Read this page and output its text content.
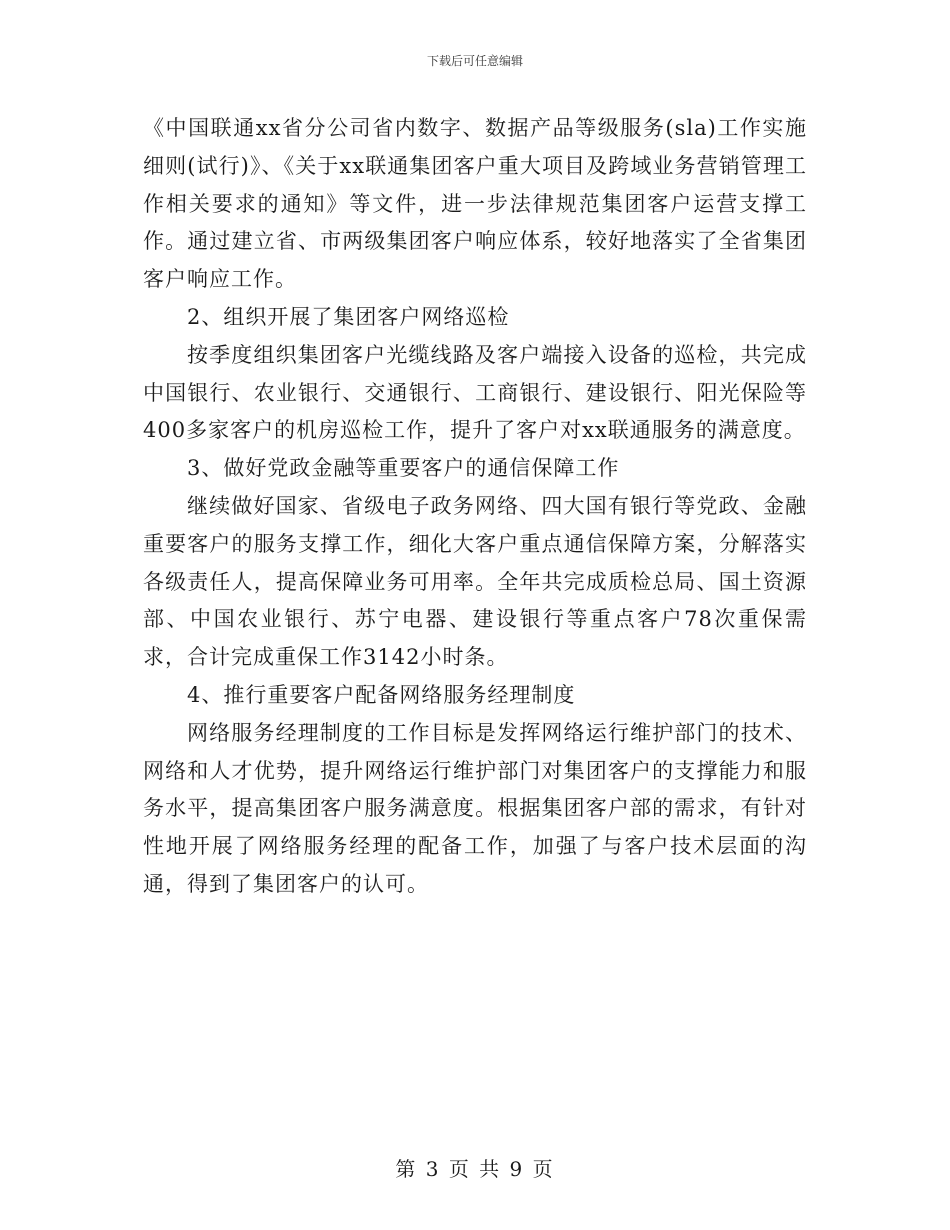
下载后可任意编辑

《中国联通xx省分公司省内数字、数据产品等级服务(sla)工作实施细则(试行)》、《关于xx联通集团客户重大项目及跨域业务营销管理工作相关要求的通知》等文件，进一步法律规范集团客户运营支撑工作。通过建立省、市两级集团客户响应体系，较好地落实了全省集团客户响应工作。

2、组织开展了集团客户网络巡检

按季度组织集团客户光缆线路及客户端接入设备的巡检，共完成中国银行、农业银行、交通银行、工商银行、建设银行、阳光保险等400多家客户的机房巡检工作，提升了客户对xx联通服务的满意度。

3、做好党政金融等重要客户的通信保障工作

继续做好国家、省级电子政务网络、四大国有银行等党政、金融重要客户的服务支撑工作，细化大客户重点通信保障方案，分解落实各级责任人，提高保障业务可用率。全年共完成质检总局、国土资源部、中国农业银行、苏宁电器、建设银行等重点客户78次重保需求，合计完成重保工作3142小时条。

4、推行重要客户配备网络服务经理制度

网络服务经理制度的工作目标是发挥网络运行维护部门的技术、网络和人才优势，提升网络运行维护部门对集团客户的支撑能力和服务水平，提高集团客户服务满意度。根据集团客户部的需求，有针对性地开展了网络服务经理的配备工作，加强了与客户技术层面的沟通，得到了集团客户的认可。

第 3 页 共 9 页
